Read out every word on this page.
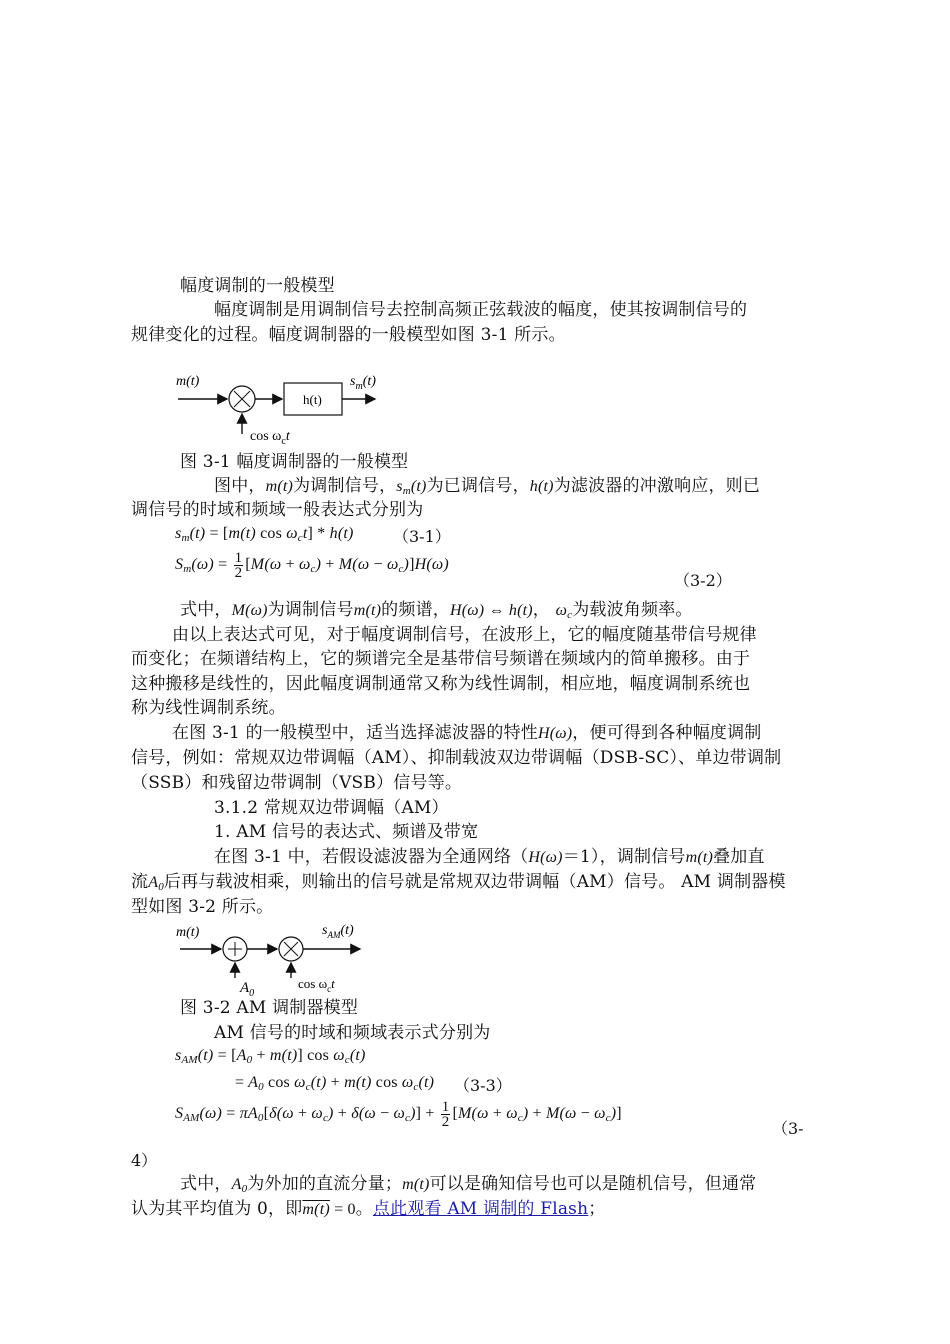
幅度调制的一般模型
幅度调制是用调制信号去控制高频正弦载波的幅度，使其按调制信号的
规律变化的过程。幅度调制器的一般模型如图 3-1 所示。
m(t)
h(t)
$s_m(t)$
$\cos \omega_ct$
图 3-1 幅度调制器的一般模型
图中，m(t)为调制信号，$s_m(t)$为已调信号，h(t)为滤波器的冲激响应，则已
调信号的时域和频域一般表达式分别为
$s_m(t) = [m(t)$ $\cos \omega_ct] * h(t)$ （3-1）
$S_m(\omega) = \frac{1}{2} [M(\omega + \omega_c) + M(\omega - \omega_c)]H(\omega)$
（3-2）
式中，M(ω)为调制信号m(t)的频谱，H(ω) ⇔ h(t)， $\omega_c$为载波角频率。
由以上表达式可见，对于幅度调制信号，在波形上，它的幅度随基带信号规律
而变化；在频谱结构上，它的频谱完全是基带信号频谱在频域内的简单搬移。由于
这种搬移是线性的，因此幅度调制通常又称为线性调制，相应地，幅度调制系统也
称为线性调制系统。
在图 3-1 的一般模型中，适当选择滤波器的特性H(ω)，便可得到各种幅度调制
信号，例如：常规双边带调幅（AM）、抑制载波双边带调幅（DSB-SC）、单边带调制
（SSB）和残留边带调制（VSB）信号等。
3.1.2 常规双边带调幅（AM）
1. AM 信号的表达式、频谱及带宽
在图 3-1 中，若假设滤波器为全通网络（H(ω)＝1），调制信号m(t)叠加直
流$A_0$后再与载波相乘，则输出的信号就是常规双边带调幅（AM）信号。 AM 调制器模
型如图 3-2 所示。
m(t)	$s_{AM}(t)$
$A_0$
$\cos \omega_ct$
图 3-2 AM 调制器模型
AM 信号的时域和频域表示式分别为
$s_{AM}(t) = [A_0 + m(t)]$ $\cos \omega_c(t)$
= $A_0$ $\cos \omega_c(t) + m(t)$ $\cos \omega_c(t)$ （3-3）
$S_{AM}(\omega) = \pi A_0[\delta(\omega + \omega_c) + \delta(\omega - \omega_c)] + \frac{1}{2} [M(\omega + \omega_c) + M(\omega - \omega_c)]$
（3-
4）
式中，$A_0$为外加的直流分量；m(t)可以是确知信号也可以是随机信号，但通常
认为其平均值为 0，即m(t) = 0。点此观看 AM 调制的 Flash；
